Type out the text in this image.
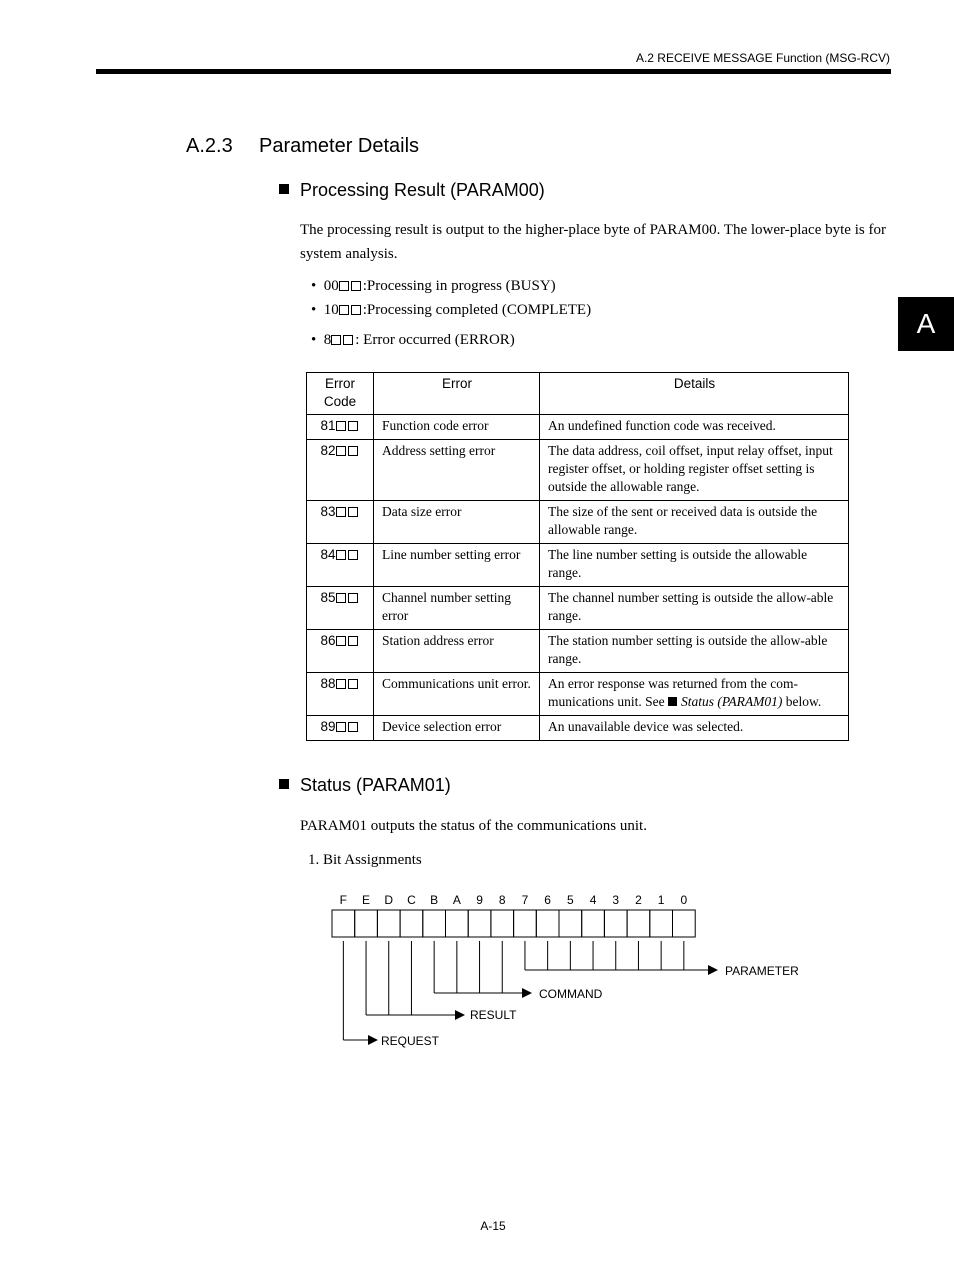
A.2 RECEIVE MESSAGE Function (MSG-RCV)
A
A.2.3 Parameter Details
Processing Result (PARAM00)
The processing result is output to the higher-place byte of PARAM00. The lower-place byte is for system analysis.
•  00 :Processing in progress (BUSY)
•  10 :Processing completed (COMPLETE)
•  8 : Error occurred (ERROR)
Error Code	Error	Details
81	Function code error	An undefined function code was received.
82	Address setting error	The data address, coil offset, input relay offset, input register offset, or holding register offset setting is outside the allowable range.
83	Data size error	The size of the sent or received data is outside the allowable range.
84	Line number setting error	The line number setting is outside the allowable range.
85	Channel number setting error	The channel number setting is outside the allow-able range.
86	Station address error	The station number setting is outside the allow-able range.
88	Communications unit error.	An error response was returned from the com-munications unit. See Status (PARAM01) below.
89	Device selection error	An unavailable device was selected.
Status (PARAM01)
PARAM01 outputs the status of the communications unit.
1. Bit Assignments
F E D C B A 9 8 7 6 5 4 3 2 1 0
PARAMETER
COMMAND
RESULT
REQUEST
A-15
